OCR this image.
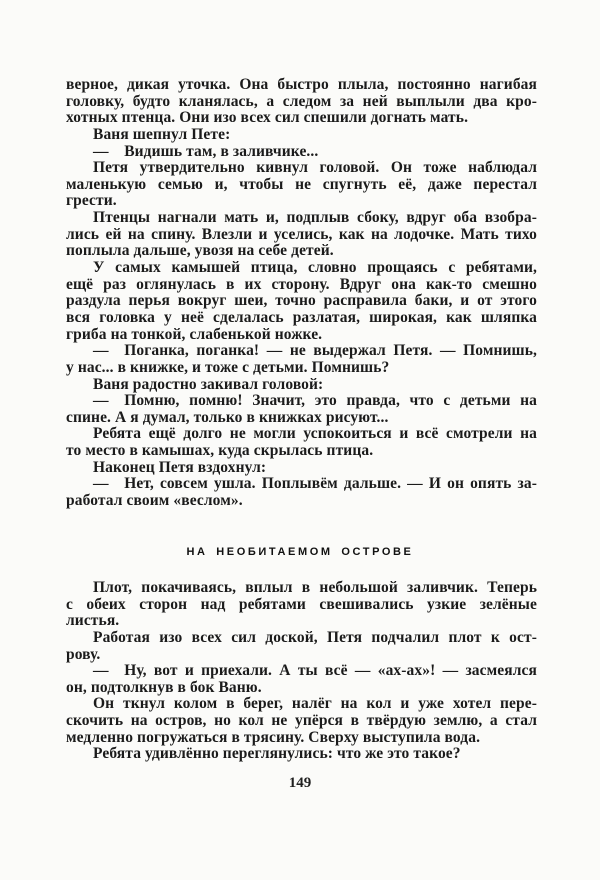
верное, дикая уточка. Она быстро плыла, постоянно нагибая
головку, будто кланялась, а следом за ней выплыли два кро-
хотных птенца. Они изо всех сил спешили догнать мать.
Ваня шепнул Пете:
— Видишь там, в заливчике...
Петя утвердительно кивнул головой. Он тоже наблюдал
маленькую семью и, чтобы не спугнуть её, даже перестал
грести.
Птенцы нагнали мать и, подплыв сбоку, вдруг оба взобра-
лись ей на спину. Влезли и уселись, как на лодочке. Мать тихо
поплыла дальше, увозя на себе детей.
У самых камышей птица, словно прощаясь с ребятами,
ещё раз оглянулась в их сторону. Вдруг она как-то смешно
раздула перья вокруг шеи, точно расправила баки, и от этого
вся головка у неё сделалась разлатая, широкая, как шляпка
гриба на тонкой, слабенькой ножке.
— Поганка, поганка! — не выдержал Петя. — Помнишь,
у нас... в книжке, и тоже с детьми. Помнишь?
Ваня радостно закивал головой:
— Помню, помню! Значит, это правда, что с детьми на
спине. А я думал, только в книжках рисуют...
Ребята ещё долго не могли успокоиться и всё смотрели на
то место в камышах, куда скрылась птица.
Наконец Петя вздохнул:
— Нет, совсем ушла. Поплывём дальше. — И он опять за-
работал своим «веслом».
НА НЕОБИТАЕМОМ ОСТРОВЕ
Плот, покачиваясь, вплыл в небольшой заливчик. Теперь
с обеих сторон над ребятами свешивались узкие зелёные
листья.
Работая изо всех сил доской, Петя подчалил плот к ост-
рову.
— Ну, вот и приехали. А ты всё — «ах-ах»! — засмеялся
он, подтолкнув в бок Ваню.
Он ткнул колом в берег, налёг на кол и уже хотел пере-
скочить на остров, но кол не упёрся в твёрдую землю, а стал
медленно погружаться в трясину. Сверху выступила вода.
Ребята удивлённо переглянулись: что же это такое?
149
